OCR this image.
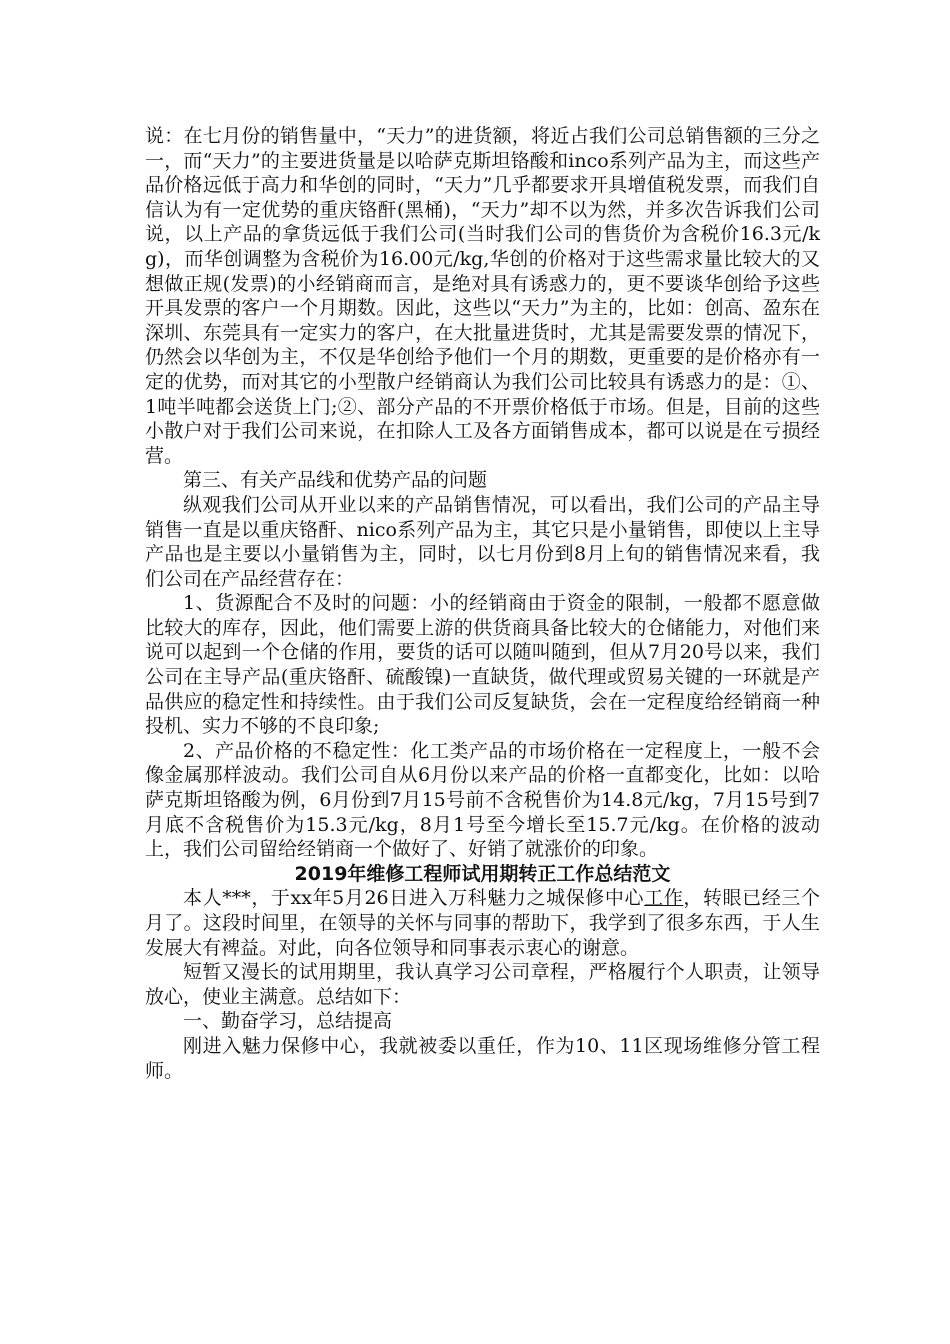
说：在七月份的销售量中，“天力”的进货额，将近占我们公司总销售额的三分之一，而“天力”的主要进货量是以哈萨克斯坦铬酸和inco系列产品为主，而这些产品价格远低于高力和华创的同时，“天力”几乎都要求开具增值税发票，而我们自信认为有一定优势的重庆铬酐(黑桶)，“天力”却不以为然，并多次告诉我们公司说，以上产品的拿货远低于我们公司(当时我们公司的售货价为含税价16.3元/kg)，而华创调整为含税价为16.00元/kg,华创的价格对于这些需求量比较大的又想做正规(发票)的小经销商而言，是绝对具有诱惑力的，更不要谈华创给予这些开具发票的客户一个月期数。因此，这些以“天力”为主的，比如：创高、盈东在深圳、东莞具有一定实力的客户，在大批量进货时，尤其是需要发票的情况下，仍然会以华创为主，不仅是华创给予他们一个月的期数，更重要的是价格亦有一定的优势，而对其它的小型散户经销商认为我们公司比较具有诱惑力的是：①、1吨半吨都会送货上门;②、部分产品的不开票价格低于市场。但是，目前的这些小散户对于我们公司来说，在扣除人工及各方面销售成本，都可以说是在亏损经营。

第三、有关产品线和优势产品的问题

纵观我们公司从开业以来的产品销售情况，可以看出，我们公司的产品主导销售一直是以重庆铬酐、nico系列产品为主，其它只是小量销售，即使以上主导产品也是主要以小量销售为主，同时，以七月份到8月上旬的销售情况来看，我们公司在产品经营存在：

1、货源配合不及时的问题：小的经销商由于资金的限制，一般都不愿意做比较大的库存，因此，他们需要上游的供货商具备比较大的仓储能力，对他们来说可以起到一个仓储的作用，要货的话可以随叫随到，但从7月20号以来，我们公司在主导产品(重庆铬酐、硫酸镍)一直缺货，做代理或贸易关键的一环就是产品供应的稳定性和持续性。由于我们公司反复缺货，会在一定程度给经销商一种投机、实力不够的不良印象;

2、产品价格的不稳定性：化工类产品的市场价格在一定程度上，一般不会像金属那样波动。我们公司自从6月份以来产品的价格一直都变化，比如：以哈萨克斯坦铬酸为例，6月份到7月15号前不含税售价为14.8元/kg，7月15号到7月底不含税售价为15.3元/kg，8月1号至今增长至15.7元/kg。在价格的波动上，我们公司留给经销商一个做好了、好销了就涨价的印象。

2019年维修工程师试用期转正工作总结范文

本人***，于xx年5月26日进入万科魅力之城保修中心工作，转眼已经三个月了。这段时间里，在领导的关怀与同事的帮助下，我学到了很多东西，于人生发展大有裨益。对此，向各位领导和同事表示衷心的谢意。

短暂又漫长的试用期里，我认真学习公司章程，严格履行个人职责，让领导放心，使业主满意。总结如下：

一、勤奋学习，总结提高

刚进入魅力保修中心，我就被委以重任，作为10、11区现场维修分管工程师。
